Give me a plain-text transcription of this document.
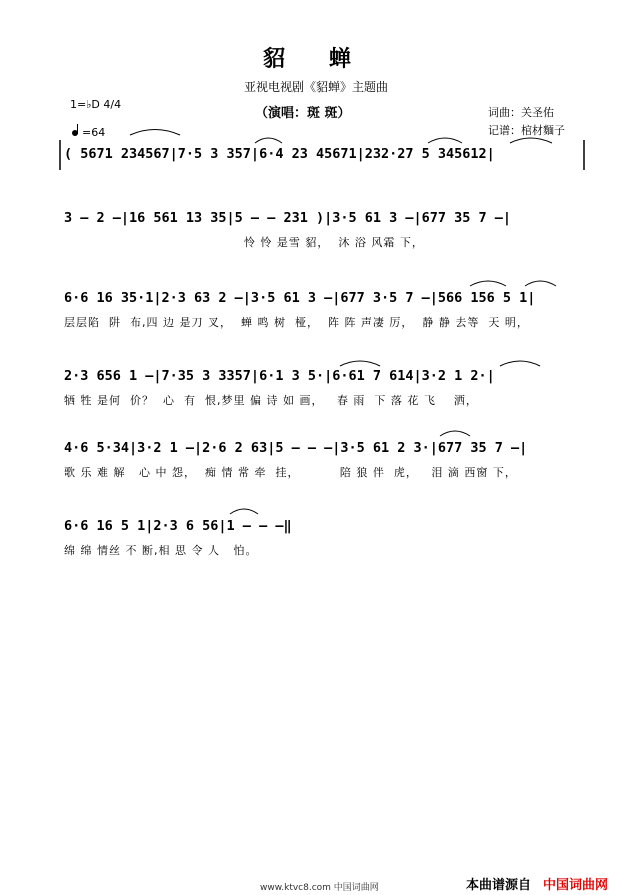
貂 蝉
亚视电视剧《貂蝉》主题曲
（演唱：斑 斑）	词曲：关圣佑
记谱：棺材麵子
1=♭D 4/4
=64
( 5671 234567|7·5 3 357|6·4 23 45671|232·27 5 345612|
3 – 2 –|16 561 13 35|5 – – 231 )|3·5 61 3 –|677 35 7 –|
怜 怜 是雪 貂，  沐 浴 风霜 下，
6·6 16 35·1|2·3 63 2 –|3·5 61 3 –|677 3·5 7 –|566 156 5 1|
层层陷  阱  布,四 边 是刀 叉，  蝉 鸣 树  桠，  阵 阵 声凄 厉，  静 静 去等  天 明，
2·3 656 1 –|7·35 3 3357|6·1 3 5·|6·61 7 614|3·2 1 2·|
牺 牲 是何  价？  心  有  恨,梦里 偏 诗 如 画，   春 雨  下 落 花 飞    洒，
4·6 5·34|3·2 1 –|2·6 2 63|5 – – –|3·5 61 2 3·|677 35 7 –|
歌 乐 难 解   心 中 怨，  痴 情 常 牵  挂，         陪 狼 伴  虎，   泪 滴 西窗 下，
6·6 16 5 1|2·3 6 56|1 – – –‖
绵 绵 情丝 不 断,相 思 令 人   怕。
www.ktvc8.com 中国词曲网	本曲谱源自 中国词曲网
